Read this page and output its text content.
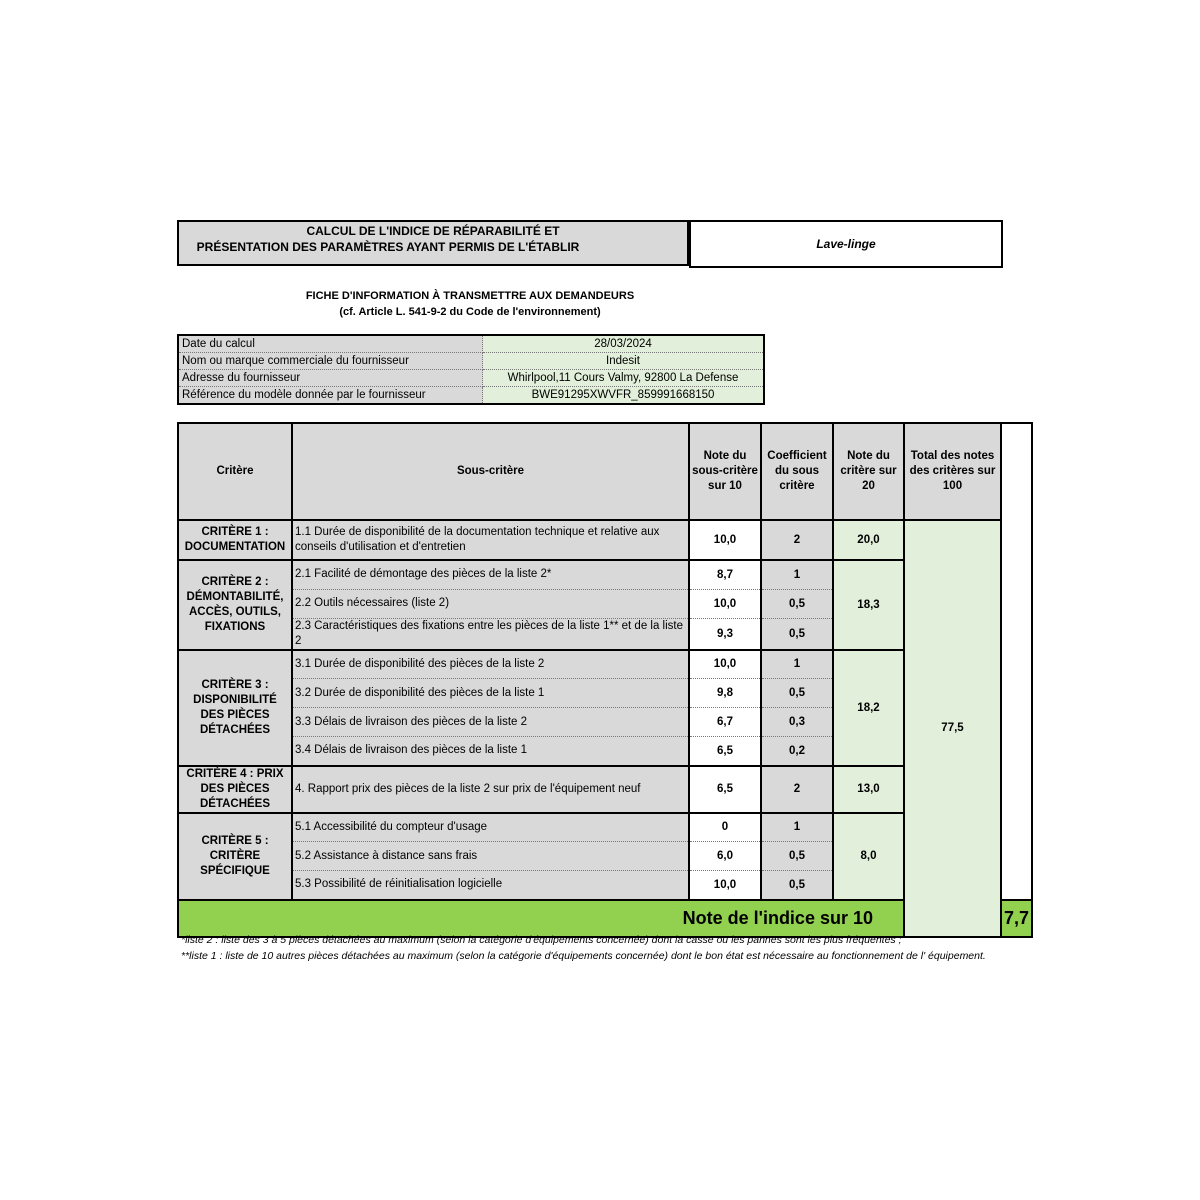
CALCUL DE L'INDICE DE RÉPARABILITÉ ET
PRÉSENTATION DES PARAMÈTRES AYANT PERMIS DE L'ÉTABLIR	Lave-linge
FICHE D'INFORMATION À TRANSMETTRE AUX DEMANDEURS
(cf. Article L. 541-9-2 du Code de l'environnement)
Date du calcul	28/03/2024
Nom ou marque commerciale du fournisseur	Indesit
Adresse du fournisseur	Whirlpool,11 Cours Valmy, 92800 La Defense
Référence du modèle donnée par le fournisseur	BWE91295XWVFR_859991668150
Critère	Sous-critère	Note du sous-critère sur 10	Coefficient du sous critère	Note du critère sur 20	Total des notes des critères sur 100	
CRITÈRE 1 : DOCUMENTATION	1.1 Durée de disponibilité de la documentation technique et relative aux conseils d'utilisation et d'entretien	10,0	2	20,0	77,5	
CRITÈRE 2 : DÉMONTABILITÉ, ACCÈS, OUTILS, FIXATIONS	2.1 Facilité de démontage des pièces de la liste 2*	8,7	1	18,3		
	2.2 Outils nécessaires (liste 2)	10,0	0,5			
	2.3 Caractéristiques des fixations entre les pièces de la liste 1** et de la liste 2	9,3	0,5			
CRITÈRE 3 : DISPONIBILITÉ DES PIÈCES DÉTACHÉES	3.1 Durée de disponibilité des pièces de la liste 2	10,0	1	18,2		
	3.2 Durée de disponibilité des pièces de la liste 1	9,8	0,5			
	3.3 Délais de livraison des pièces de la liste 2	6,7	0,3			
	3.4 Délais de livraison des pièces de la liste 1	6,5	0,2			
CRITÈRE 4 : PRIX DES PIÈCES DÉTACHÉES	4. Rapport prix des pièces de la liste 2 sur prix de l'équipement neuf	6,5	2	13,0		
CRITÈRE 5 : CRITÈRE SPÉCIFIQUE	5.1 Accessibilité du compteur d'usage	0	1	8,0		
	5.2 Assistance à distance sans frais	6,0	0,5			
	5.3 Possibilité de réinitialisation logicielle	10,0	0,5			
Note de l'indice sur 10						7,7
*liste 2 : liste des 3 à 5 pièces détachées au maximum (selon la catégorie d'équipements concernée) dont la casse ou les pannes sont les plus fréquentes ;
**liste 1 : liste de 10 autres pièces détachées au maximum (selon la catégorie d'équipements concernée) dont le bon état est nécessaire au fonctionnement de l' équipement.
